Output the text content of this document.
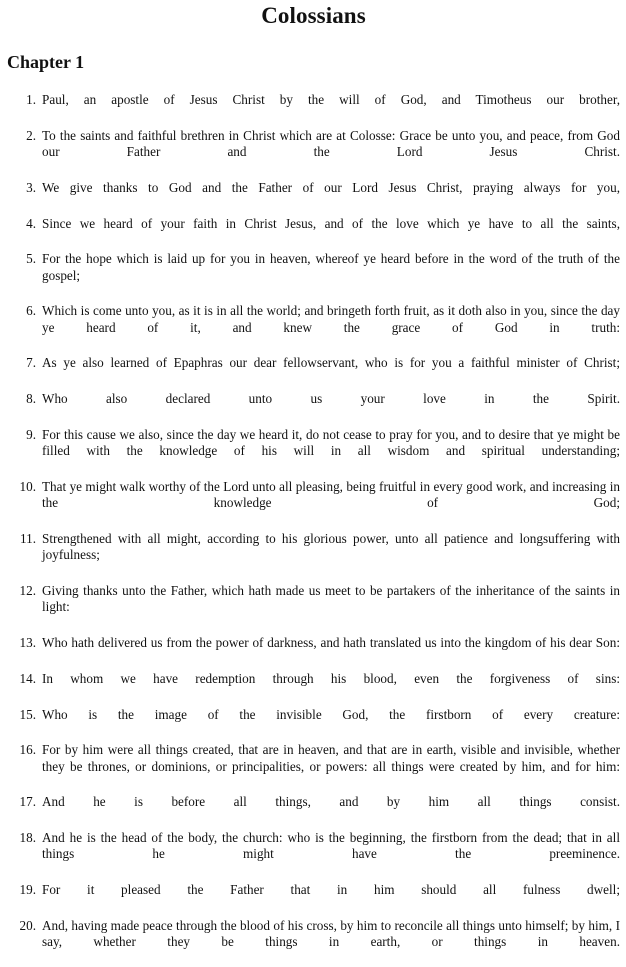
Colossians
Chapter 1
1. Paul, an apostle of Jesus Christ by the will of God, and Timotheus our brother,
2. To the saints and faithful brethren in Christ which are at Colosse: Grace be unto you, and peace, from God our Father and the Lord Jesus Christ.
3. We give thanks to God and the Father of our Lord Jesus Christ, praying always for you,
4. Since we heard of your faith in Christ Jesus, and of the love which ye have to all the saints,
5. For the hope which is laid up for you in heaven, whereof ye heard before in the word of the truth of the gospel;
6. Which is come unto you, as it is in all the world; and bringeth forth fruit, as it doth also in you, since the day ye heard of it, and knew the grace of God in truth:
7. As ye also learned of Epaphras our dear fellowservant, who is for you a faithful minister of Christ;
8. Who also declared unto us your love in the Spirit.
9. For this cause we also, since the day we heard it, do not cease to pray for you, and to desire that ye might be filled with the knowledge of his will in all wisdom and spiritual understanding;
10. That ye might walk worthy of the Lord unto all pleasing, being fruitful in every good work, and increasing in the knowledge of God;
11. Strengthened with all might, according to his glorious power, unto all patience and longsuffering with joyfulness;
12. Giving thanks unto the Father, which hath made us meet to be partakers of the inheritance of the saints in light:
13. Who hath delivered us from the power of darkness, and hath translated us into the kingdom of his dear Son:
14. In whom we have redemption through his blood, even the forgiveness of sins:
15. Who is the image of the invisible God, the firstborn of every creature:
16. For by him were all things created, that are in heaven, and that are in earth, visible and invisible, whether they be thrones, or dominions, or principalities, or powers: all things were created by him, and for him:
17. And he is before all things, and by him all things consist.
18. And he is the head of the body, the church: who is the beginning, the firstborn from the dead; that in all things he might have the preeminence.
19. For it pleased the Father that in him should all fulness dwell;
20. And, having made peace through the blood of his cross, by him to reconcile all things unto himself; by him, I say, whether they be things in earth, or things in heaven.
